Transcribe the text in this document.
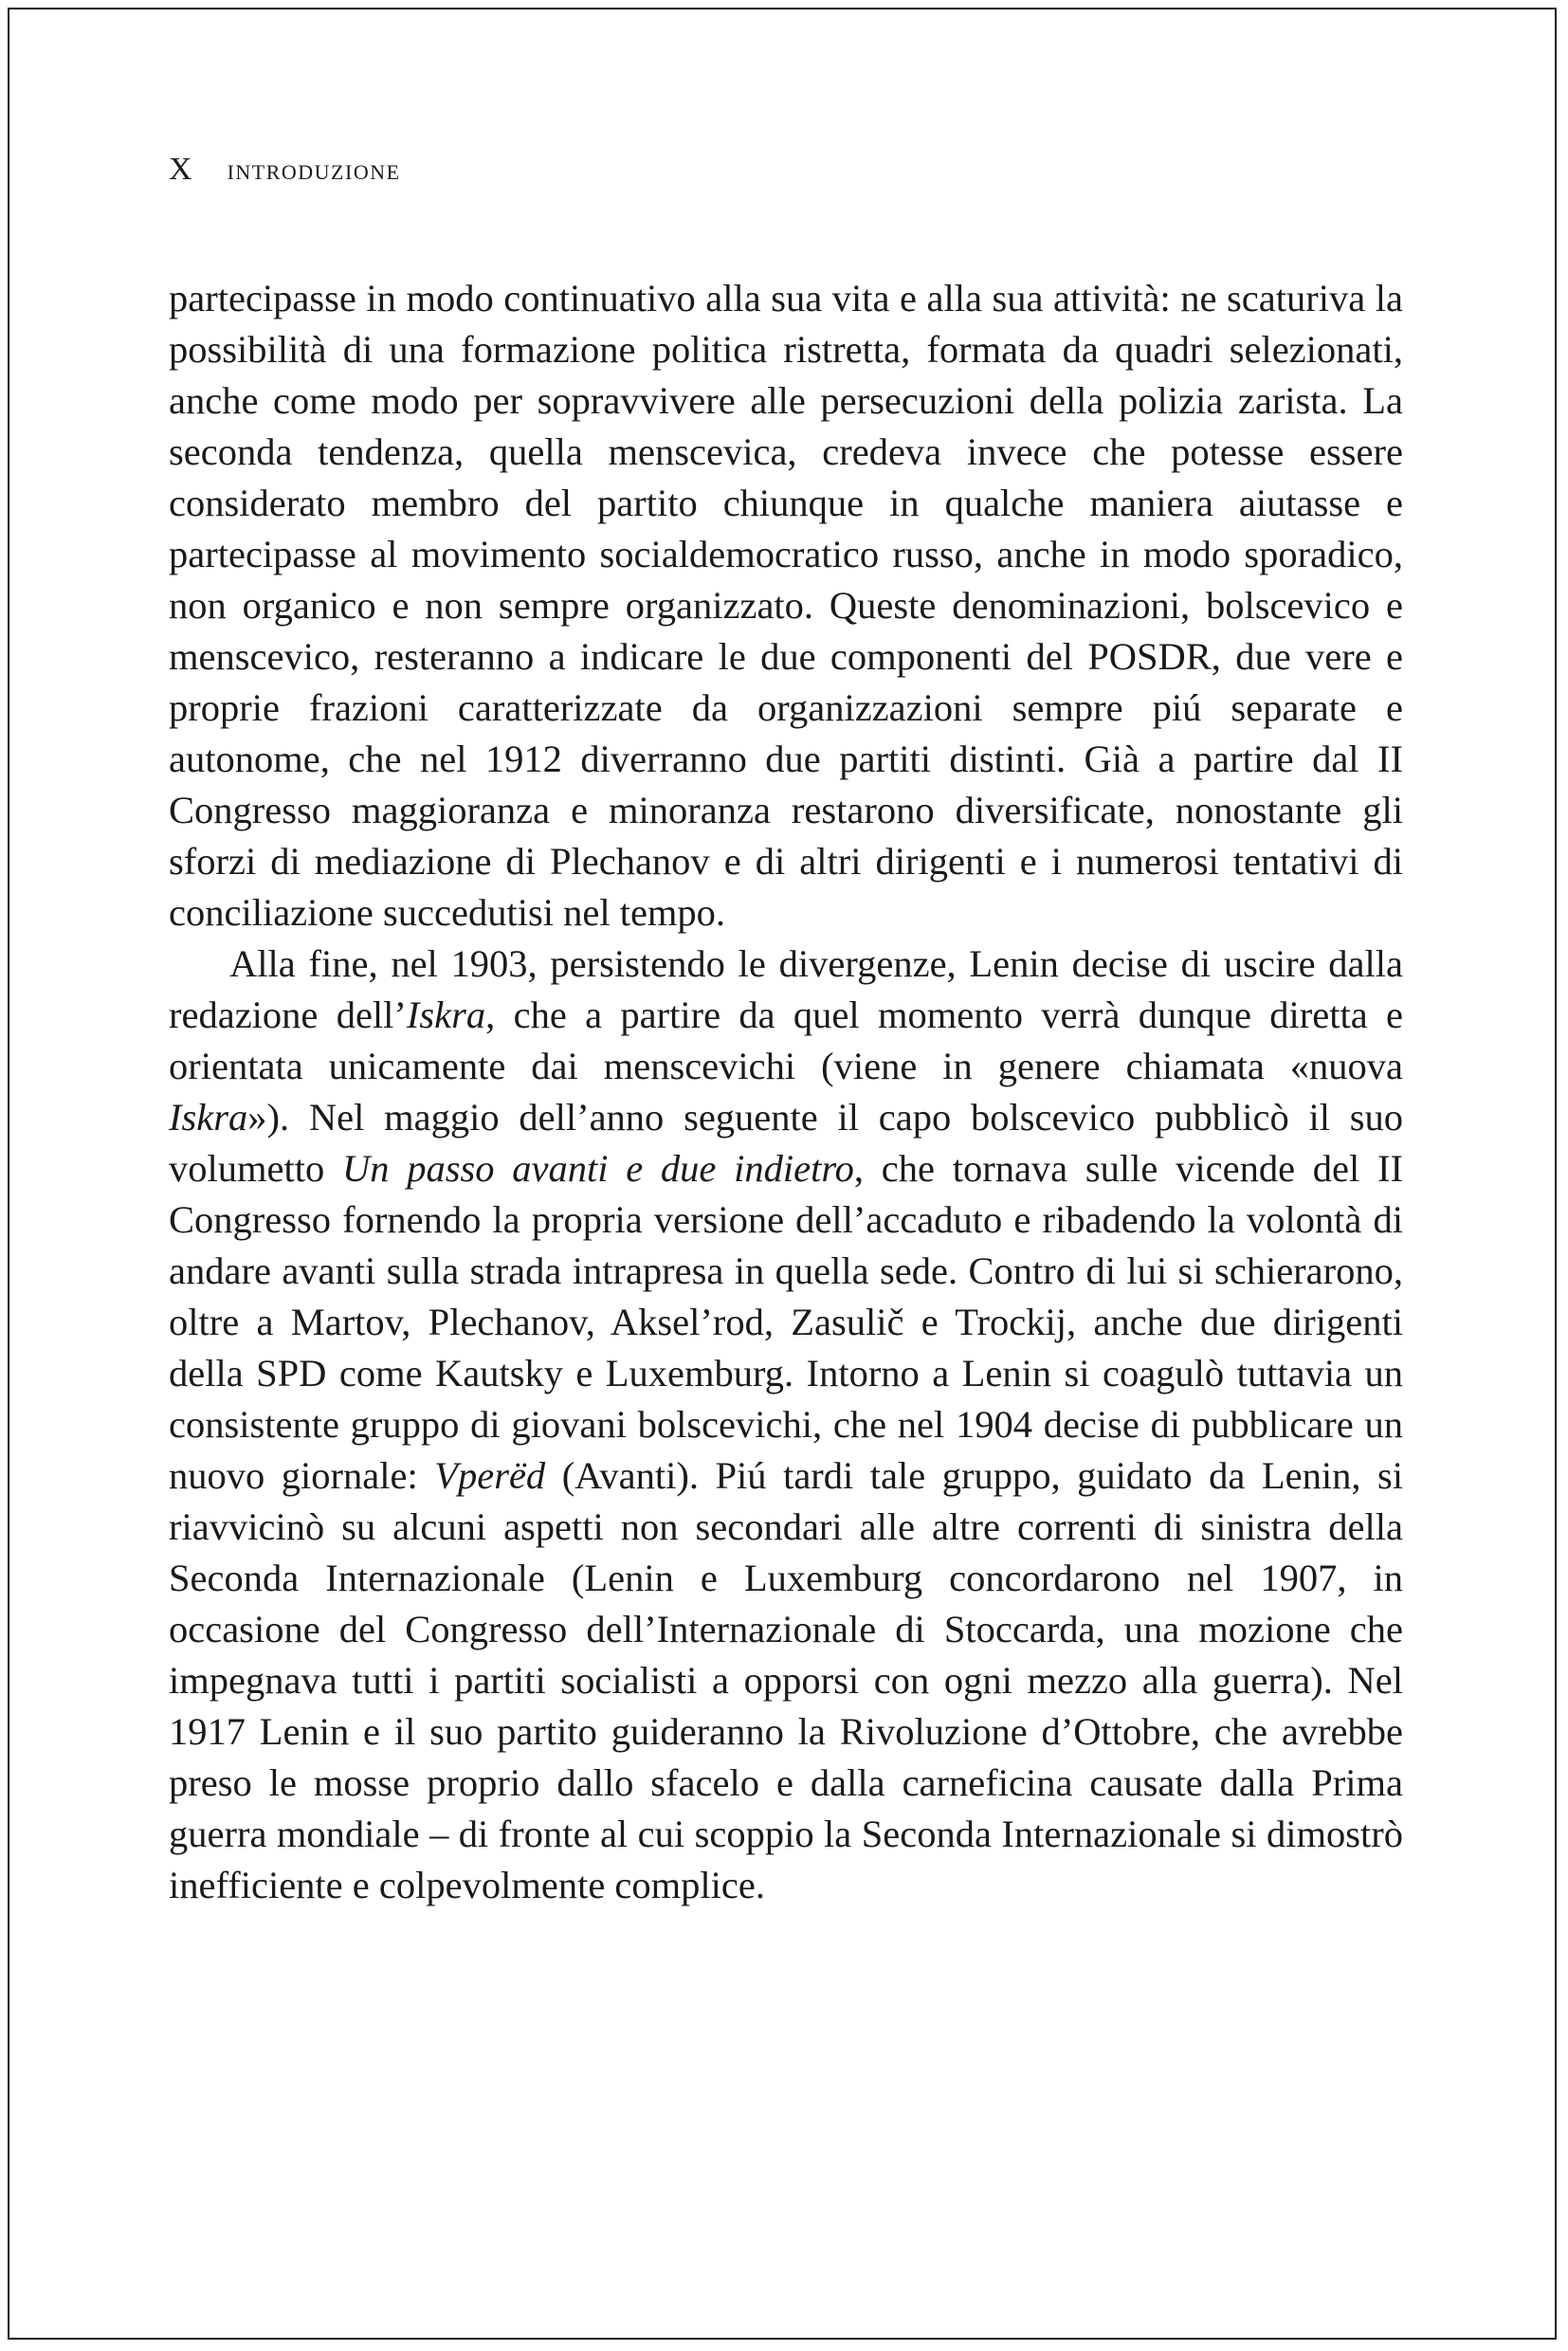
X INTRODUZIONE

partecipasse in modo continuativo alla sua vita e alla sua attività: ne scaturiva la possibilità di una formazione politica ristretta, formata da quadri selezionati, anche come modo per sopravvivere alle persecuzioni della polizia zarista. La seconda tendenza, quella menscevica, credeva invece che potesse essere considerato membro del partito chiunque in qualche maniera aiutasse e partecipasse al movimento socialdemocratico russo, anche in modo sporadico, non organico e non sempre organizzato. Queste denominazioni, bolscevico e menscevico, resteranno a indicare le due componenti del POSDR, due vere e proprie frazioni caratterizzate da organizzazioni sempre piú separate e autonome, che nel 1912 diverranno due partiti distinti. Già a partire dal II Congresso maggioranza e minoranza restarono diversificate, nonostante gli sforzi di mediazione di Plechanov e di altri dirigenti e i numerosi tentativi di conciliazione succedutisi nel tempo.

Alla fine, nel 1903, persistendo le divergenze, Lenin decise di uscire dalla redazione dell’Iskra, che a partire da quel momento verrà dunque diretta e orientata unicamente dai menscevichi (viene in genere chiamata «nuova Iskra»). Nel maggio dell’anno seguente il capo bolscevico pubblicò il suo volumetto Un passo avanti e due indietro, che tornava sulle vicende del II Congresso fornendo la propria versione dell’accaduto e ribadendo la volontà di andare avanti sulla strada intrapresa in quella sede. Contro di lui si schierarono, oltre a Martov, Plechanov, Aksel’rod, Zasulič e Trockij, anche due dirigenti della SPD come Kautsky e Luxemburg. Intorno a Lenin si coagulò tuttavia un consistente gruppo di giovani bolscevichi, che nel 1904 decise di pubblicare un nuovo giornale: Vperëd (Avanti). Piú tardi tale gruppo, guidato da Lenin, si riavvicinò su alcuni aspetti non secondari alle altre correnti di sinistra della Seconda Internazionale (Lenin e Luxemburg concordarono nel 1907, in occasione del Congresso dell’Internazionale di Stoccarda, una mozione che impegnava tutti i partiti socialisti a opporsi con ogni mezzo alla guerra). Nel 1917 Lenin e il suo partito guideranno la Rivoluzione d’Ottobre, che avrebbe preso le mosse proprio dallo sfacelo e dalla carneficina causate dalla Prima guerra mondiale – di fronte al cui scoppio la Seconda Internazionale si dimostrò inefficiente e colpevolmente complice.
